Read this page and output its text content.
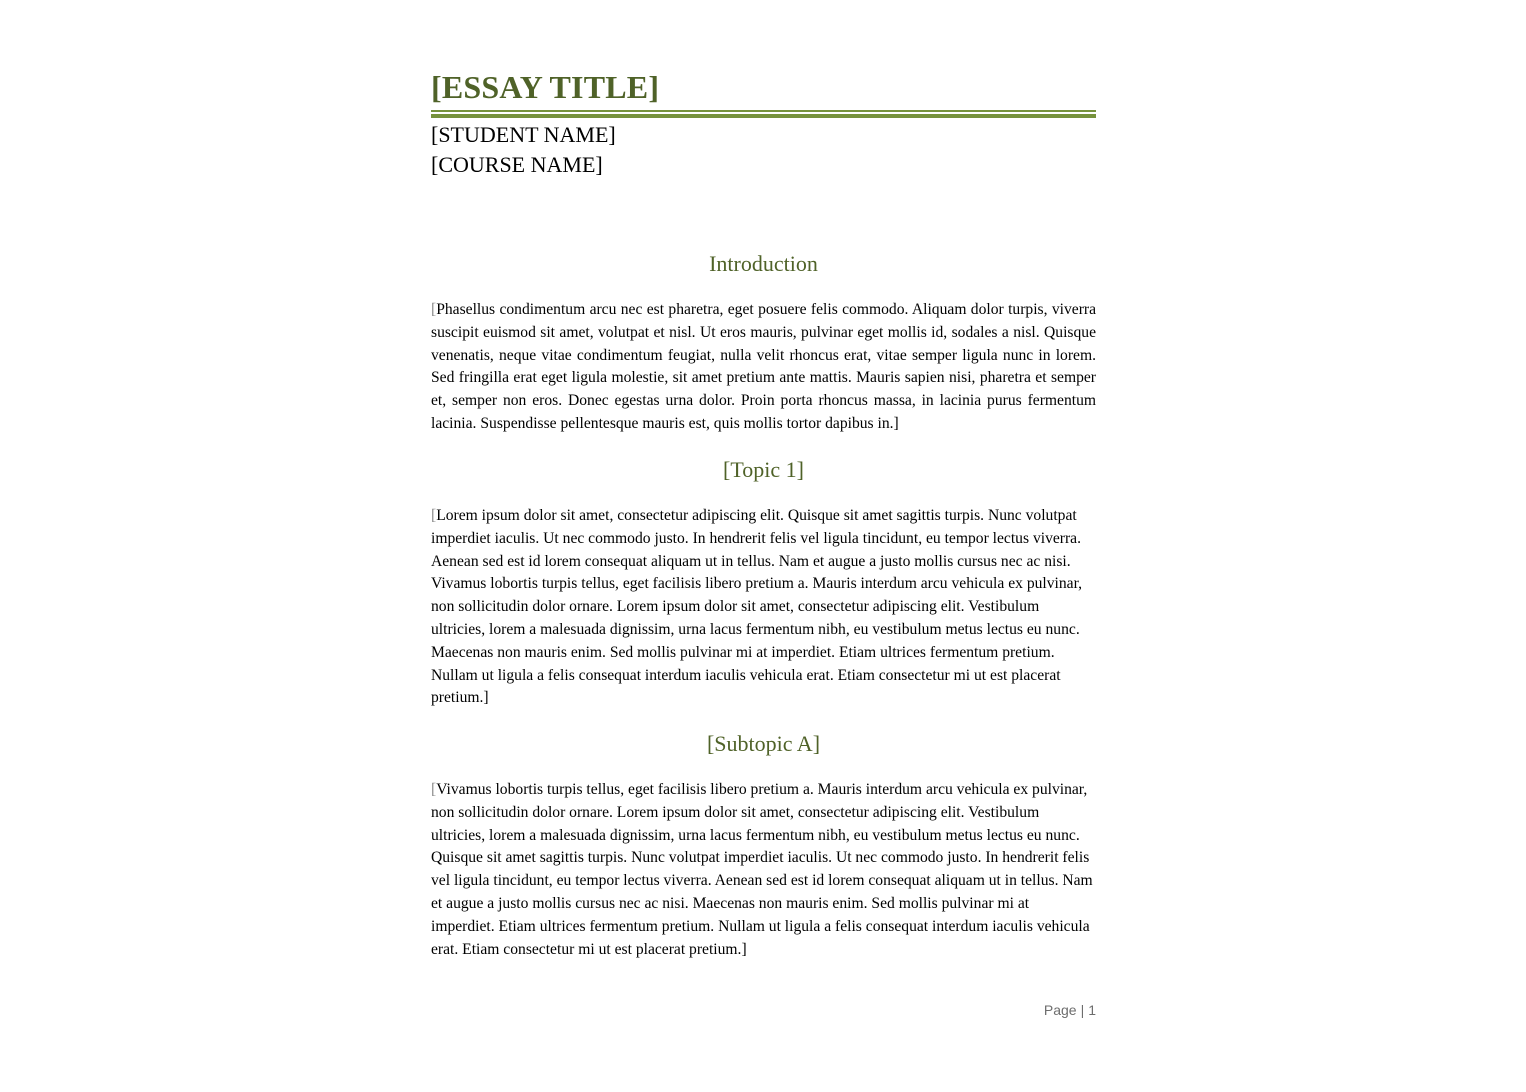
[ESSAY TITLE]
[STUDENT NAME]
[COURSE NAME]
Introduction

[Phasellus condimentum arcu nec est pharetra, eget posuere felis commodo. Aliquam dolor turpis, viverra suscipit euismod sit amet, volutpat et nisl. Ut eros mauris, pulvinar eget mollis id, sodales a nisl. Quisque venenatis, neque vitae condimentum feugiat, nulla velit rhoncus erat, vitae semper ligula nunc in lorem. Sed fringilla erat eget ligula molestie, sit amet pretium ante mattis. Mauris sapien nisi, pharetra et semper et, semper non eros. Donec egestas urna dolor. Proin porta rhoncus massa, in lacinia purus fermentum lacinia. Suspendisse pellentesque mauris est, quis mollis tortor dapibus in.]

[Topic 1]

[Lorem ipsum dolor sit amet, consectetur adipiscing elit. Quisque sit amet sagittis turpis. Nunc volutpat imperdiet iaculis. Ut nec commodo justo. In hendrerit felis vel ligula tincidunt, eu tempor lectus viverra. Aenean sed est id lorem consequat aliquam ut in tellus. Nam et augue a justo mollis cursus nec ac nisi. Vivamus lobortis turpis tellus, eget facilisis libero pretium a. Mauris interdum arcu vehicula ex pulvinar, non sollicitudin dolor ornare. Lorem ipsum dolor sit amet, consectetur adipiscing elit. Vestibulum ultricies, lorem a malesuada dignissim, urna lacus fermentum nibh, eu vestibulum metus lectus eu nunc. Maecenas non mauris enim. Sed mollis pulvinar mi at imperdiet. Etiam ultrices fermentum pretium. Nullam ut ligula a felis consequat interdum iaculis vehicula erat. Etiam consectetur mi ut est placerat pretium.]

[Subtopic A]

[Vivamus lobortis turpis tellus, eget facilisis libero pretium a. Mauris interdum arcu vehicula ex pulvinar, non sollicitudin dolor ornare. Lorem ipsum dolor sit amet, consectetur adipiscing elit. Vestibulum ultricies, lorem a malesuada dignissim, urna lacus fermentum nibh, eu vestibulum metus lectus eu nunc. Quisque sit amet sagittis turpis. Nunc volutpat imperdiet iaculis. Ut nec commodo justo. In hendrerit felis vel ligula tincidunt, eu tempor lectus viverra. Aenean sed est id lorem consequat aliquam ut in tellus. Nam et augue a justo mollis cursus nec ac nisi. Maecenas non mauris enim. Sed mollis pulvinar mi at imperdiet. Etiam ultrices fermentum pretium. Nullam ut ligula a felis consequat interdum iaculis vehicula erat. Etiam consectetur mi ut est placerat pretium.]

Page | 1
